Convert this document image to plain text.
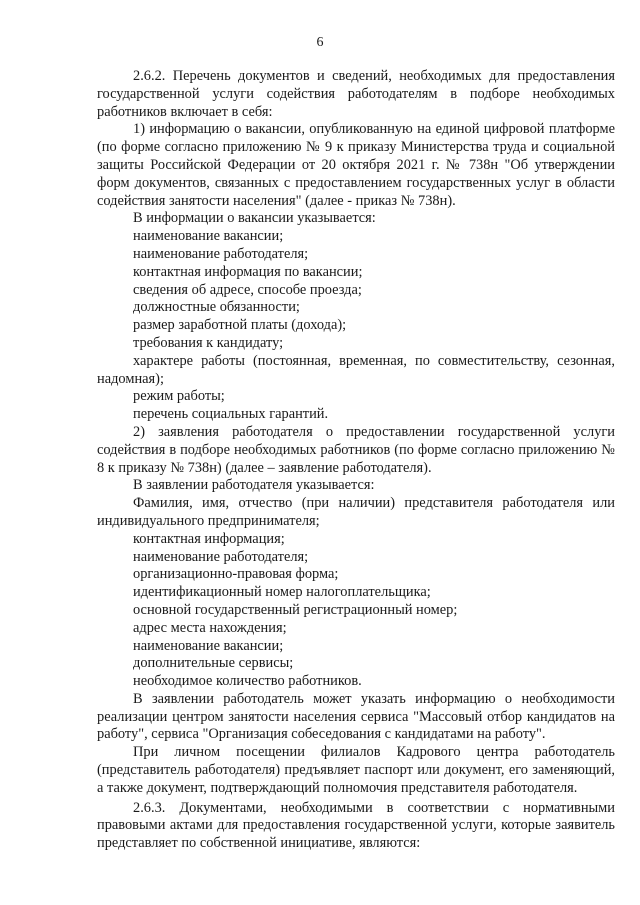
6

2.6.2. Перечень документов и сведений, необходимых для предоставления государственной услуги содействия работодателям в подборе необходимых работников включает в себя:

1) информацию о вакансии, опубликованную на единой цифровой платформе (по форме согласно приложению № 9 к приказу Министерства труда и социальной защиты Российской Федерации от 20 октября 2021 г. № 738н "Об утверждении форм документов, связанных с предоставлением государственных услуг в области содействия занятости населения" (далее - приказ № 738н).

В информации о вакансии указывается:

наименование вакансии;

наименование работодателя;

контактная информация по вакансии;

сведения об адресе, способе проезда;

должностные обязанности;

размер заработной платы (дохода);

требования к кандидату;

характере работы (постоянная, временная, по совместительству, сезонная, надомная);

режим работы;

перечень социальных гарантий.

2) заявления работодателя о предоставлении государственной услуги содействия в подборе необходимых работников (по форме согласно приложению № 8 к приказу № 738н) (далее – заявление работодателя).

В заявлении работодателя указывается:

Фамилия, имя, отчество (при наличии) представителя работодателя или индивидуального предпринимателя;

контактная информация;

наименование работодателя;

организационно-правовая форма;

идентификационный номер налогоплательщика;

основной государственный регистрационный номер;

адрес места нахождения;

наименование вакансии;

дополнительные сервисы;

необходимое количество работников.

В заявлении работодатель может указать информацию о необходимости реализации центром занятости населения сервиса "Массовый отбор кандидатов на работу", сервиса "Организация собеседования с кандидатами на работу".

При личном посещении филиалов Кадрового центра работодатель (представитель работодателя) предъявляет паспорт или документ, его заменяющий, а также документ, подтверждающий полномочия представителя работодателя.

2.6.3. Документами, необходимыми в соответствии с нормативными правовыми актами для предоставления государственной услуги, которые заявитель представляет по собственной инициативе, являются:
